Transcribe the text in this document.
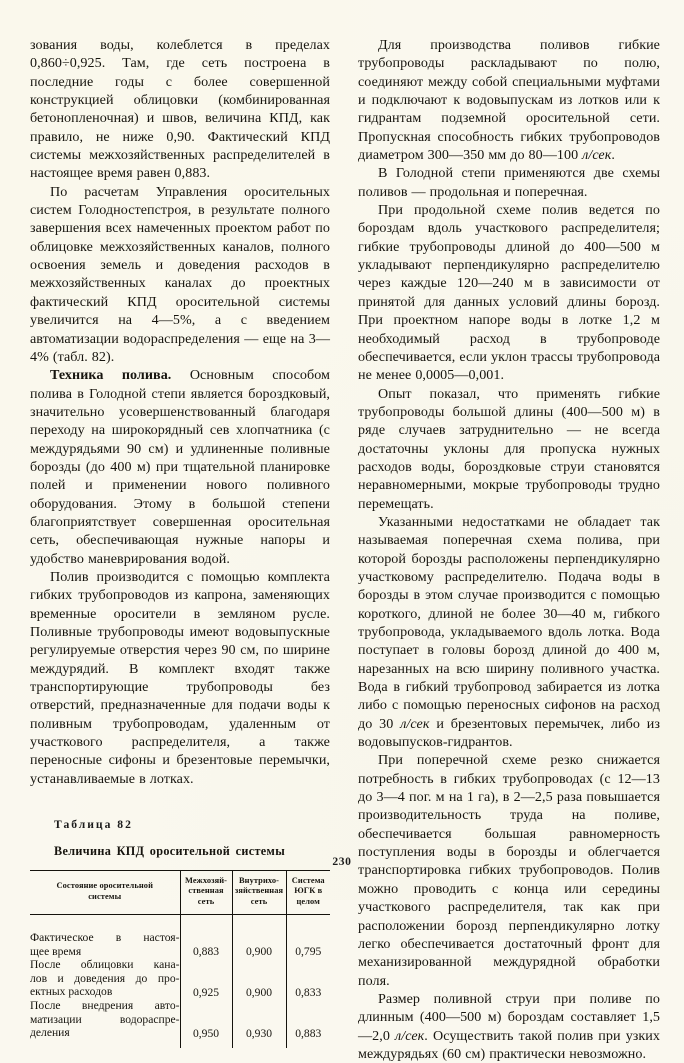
зования воды, колеблется в пределах 0,860÷0,925. Там, где сеть построена в последние годы с более совершенной конструкцией облицовки (комбинированная бетонопленочная) и швов, величина КПД, как правило, не ниже 0,90. Фактический КПД системы межхозяйственных распределителей в настоящее время равен 0,883.

По расчетам Управления оросительных систем Голодностепстроя, в результате полного завершения всех намеченных проектом работ по облицовке межхозяйственных каналов, полного освоения земель и доведения расходов в межхозяйственных каналах до проектных фактический КПД оросительной системы увеличится на 4—5%, а с введением автоматизации водораспределения — еще на 3—4% (табл. 82).

Техника полива. Основным способом полива в Голодной степи является бороздковый, значительно усовершенствованный благодаря переходу на широкорядный сев хлопчатника (с междурядьями 90 см) и удлиненные поливные борозды (до 400 м) при тщательной планировке полей и применении нового поливного оборудования. Этому в большой степени благоприятствует совершенная оросительная сеть, обеспечивающая нужные напоры и удобство маневрирования водой.

Полив производится с помощью комплекта гибких трубопроводов из капрона, заменяющих временные оросители в земляном русле. Поливные трубопроводы имеют водовыпускные регулируемые отверстия через 90 см, по ширине междурядий. В комплект входят также транспортирующие трубопроводы без отверстий, предназначенные для подачи воды к поливным трубопроводам, удаленным от участкового распределителя, а также переносные сифоны и брезентовые перемычки, устанавливаемые в лотках.

Таблица 82
Величина КПД оросительной системы

Состояние оросительной
системы	Межхозяй-
ственная
сеть	Внутрихо-
зяйственная
сеть	Система
ЮГК в
целом

Фактическое в настоя-
щее время	0,883	0,900	0,795

После облицовки кана-
лов и доведения до про-
ектных расходов	0,925	0,900	0,833

После внедрения авто-
матизации водораспре-
деления	0,950	0,930	0,883

Для производства поливов гибкие трубопроводы раскладывают по полю, соединяют между собой специальными муфтами и подключают к водовыпускам из лотков или к гидрантам подземной оросительной сети. Пропускная способность гибких трубопроводов диаметром 300—350 мм до 80—100 л/сек.

В Голодной степи применяются две схемы поливов — продольная и поперечная.

При продольной схеме полив ведется по бороздам вдоль участкового распределителя; гибкие трубопроводы длиной до 400—500 м укладывают перпендикулярно распределителю через каждые 120—240 м в зависимости от принятой для данных условий длины борозд. При проектном напоре воды в лотке 1,2 м необходимый расход в трубопроводе обеспечивается, если уклон трассы трубопровода не менее 0,0005—0,001.

Опыт показал, что применять гибкие трубопроводы большой длины (400—500 м) в ряде случаев затруднительно — не всегда достаточны уклоны для пропуска нужных расходов воды, бороздковые струи становятся неравномерными, мокрые трубопроводы трудно перемещать.

Указанными недостатками не обладает так называемая поперечная схема полива, при которой борозды расположены перпендикулярно участковому распределителю. Подача воды в борозды в этом случае производится с помощью короткого, длиной не более 30—40 м, гибкого трубопровода, укладываемого вдоль лотка. Вода поступает в головы борозд длиной до 400 м, нарезанных на всю ширину поливного участка. Вода в гибкий трубопровод забирается из лотка либо с помощью переносных сифонов на расход до 30 л/сек и брезентовых перемычек, либо из водовыпусков-гидрантов.

При поперечной схеме резко снижается потребность в гибких трубопроводах (с 12—13 до 3—4 пог. м на 1 га), в 2—2,5 раза повышается производительность труда на поливе, обеспечивается большая равномерность поступления воды в борозды и облегчается транспортировка гибких трубопроводов. Полив можно проводить с конца или середины участкового распределителя, так как при расположении борозд перпендикулярно лотку легко обеспечивается достаточный фронт для механизированной междурядной обработки поля.

Размер поливной струи при поливе по длинным (400—500 м) бороздам составляет 1,5—2,0 л/сек. Осуществить такой полив при узких междурядьях (60 см) практически невозможно.

230
